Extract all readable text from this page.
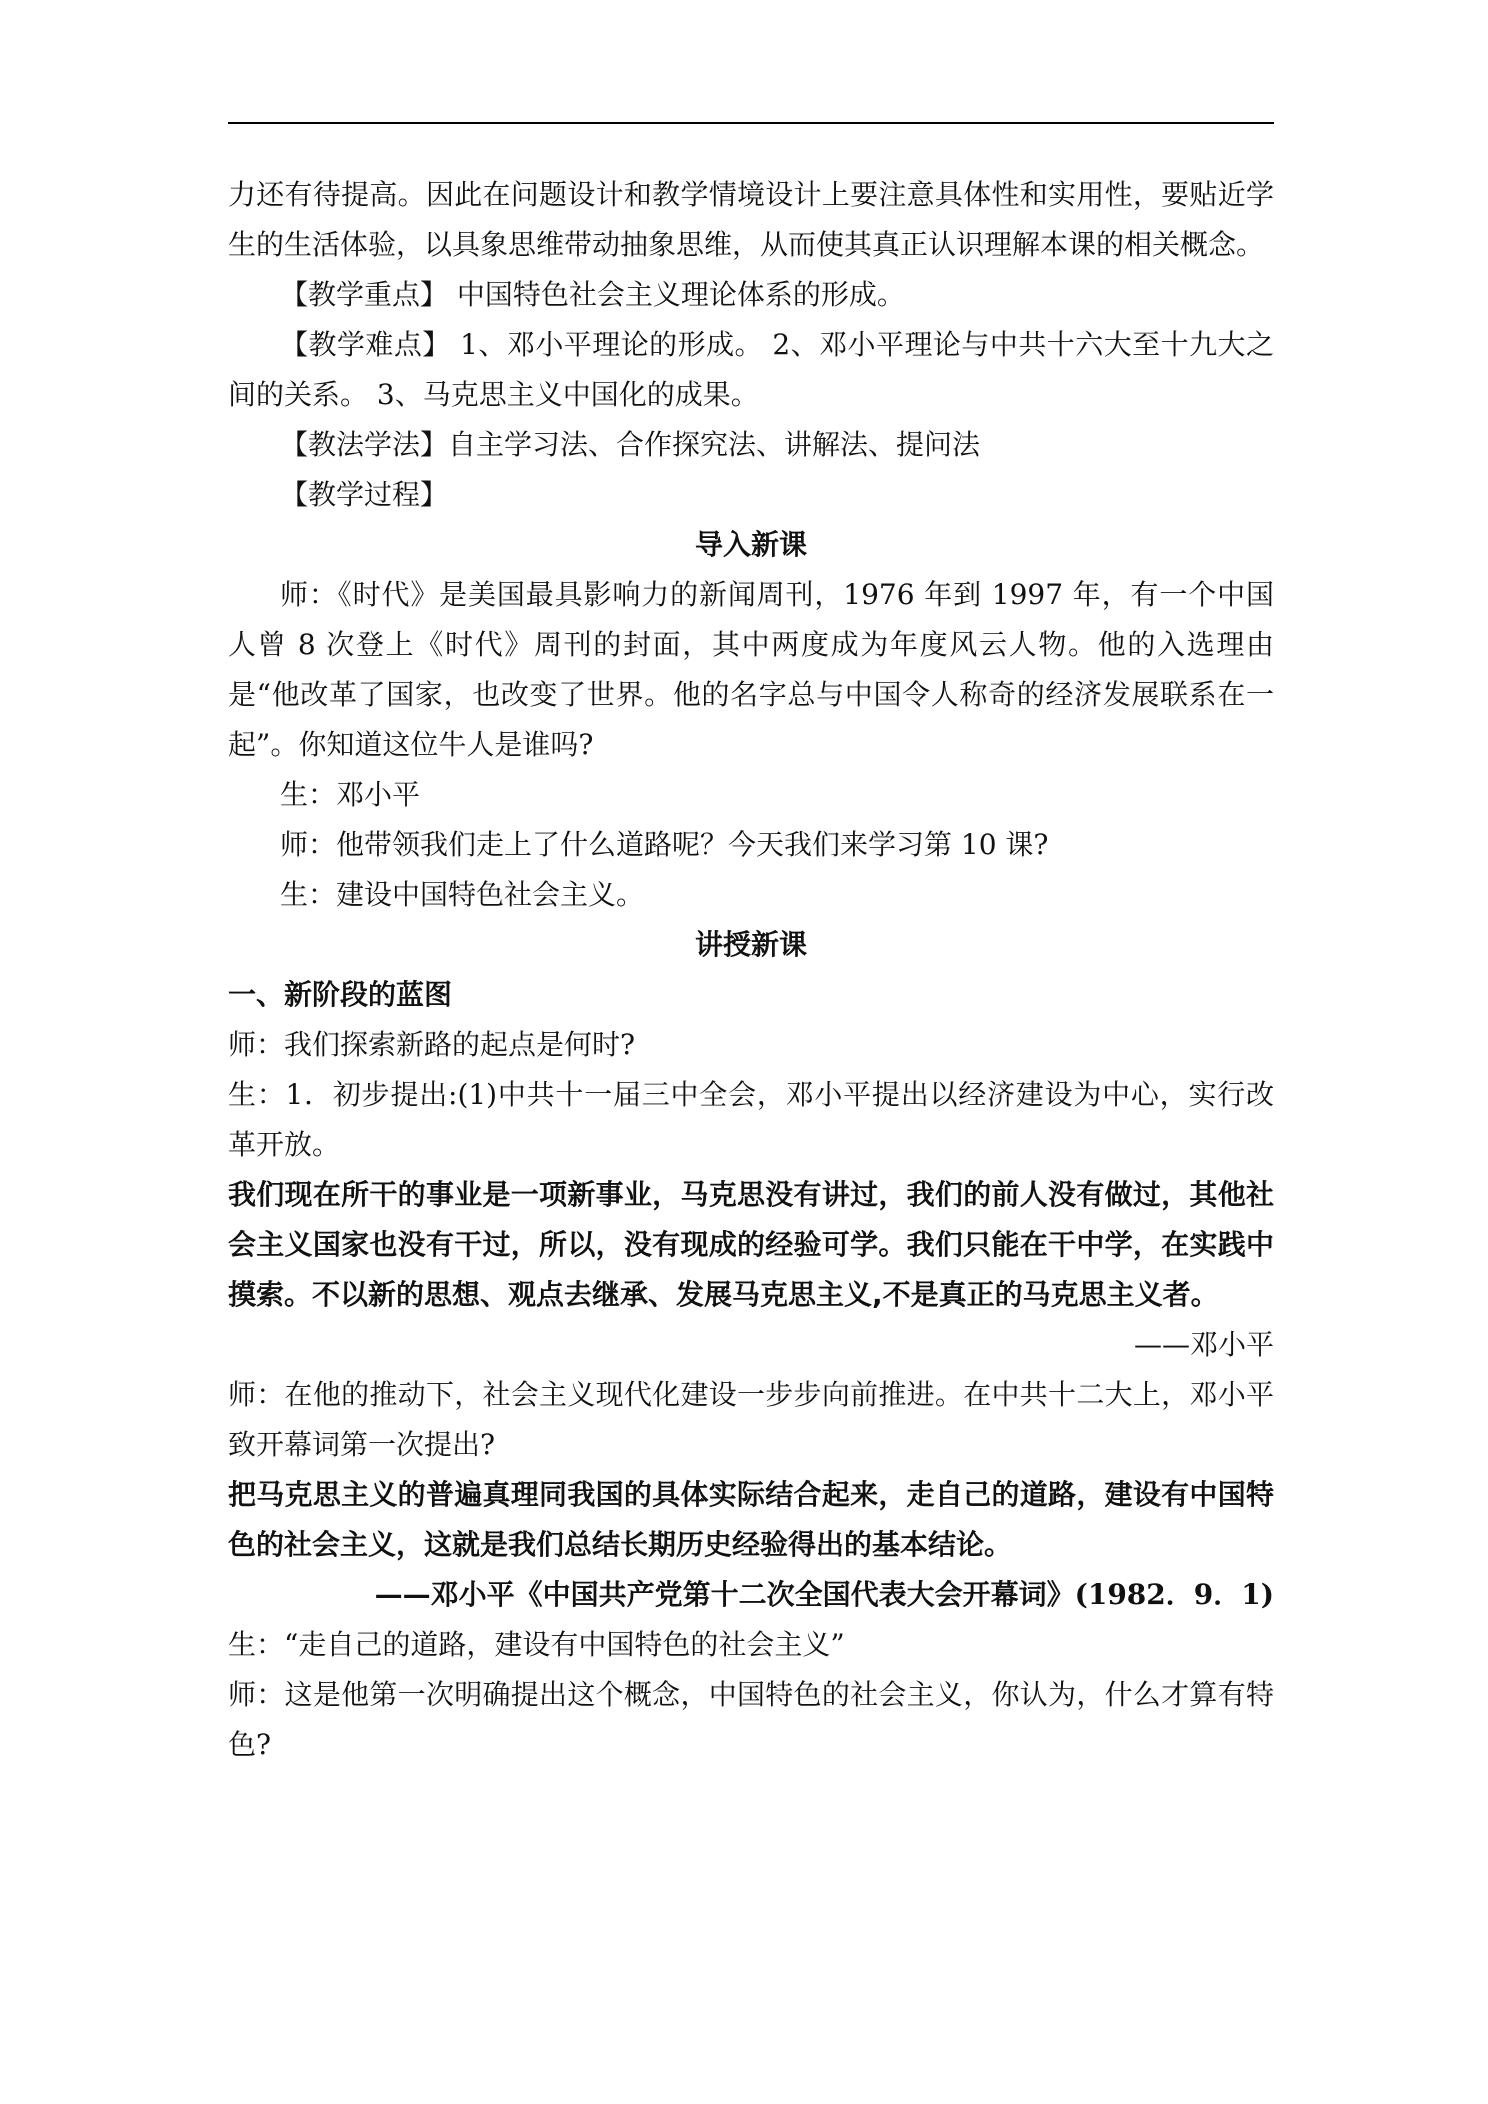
力还有待提高。因此在问题设计和教学情境设计上要注意具体性和实用性，要贴近学生的生活体验，以具象思维带动抽象思维，从而使其真正认识理解本课的相关概念。

【教学重点】 中国特色社会主义理论体系的形成。

【教学难点】 1、邓小平理论的形成。 2、邓小平理论与中共十六大至十九大之间的关系。 3、马克思主义中国化的成果。

【教法学法】自主学习法、合作探究法、讲解法、提问法

【教学过程】

导入新课

师：《时代》是美国最具影响力的新闻周刊，1976 年到 1997 年，有一个中国人曾 8 次登上《时代》周刊的封面，其中两度成为年度风云人物。他的入选理由是“他改革了国家，也改变了世界。他的名字总与中国令人称奇的经济发展联系在一起”。你知道这位牛人是谁吗?

生：邓小平

师：他带领我们走上了什么道路呢？今天我们来学习第 10 课?

生：建设中国特色社会主义。

讲授新课

一、新阶段的蓝图

师：我们探索新路的起点是何时?

生：1．初步提出:(1)中共十一届三中全会，邓小平提出以经济建设为中心，实行改革开放。

我们现在所干的事业是一项新事业，马克思没有讲过，我们的前人没有做过，其他社会主义国家也没有干过，所以，没有现成的经验可学。我们只能在干中学，在实践中摸索。不以新的思想、观点去继承、发展马克思主义,不是真正的马克思主义者。

——邓小平

师：在他的推动下，社会主义现代化建设一步步向前推进。在中共十二大上，邓小平致开幕词第一次提出?

把马克思主义的普遍真理同我国的具体实际结合起来，走自己的道路，建设有中国特色的社会主义，这就是我们总结长期历史经验得出的基本结论。

——邓小平《中国共产党第十二次全国代表大会开幕词》(1982．9．1)

生：“走自己的道路，建设有中国特色的社会主义”

师：这是他第一次明确提出这个概念，中国特色的社会主义，你认为，什么才算有特色?
